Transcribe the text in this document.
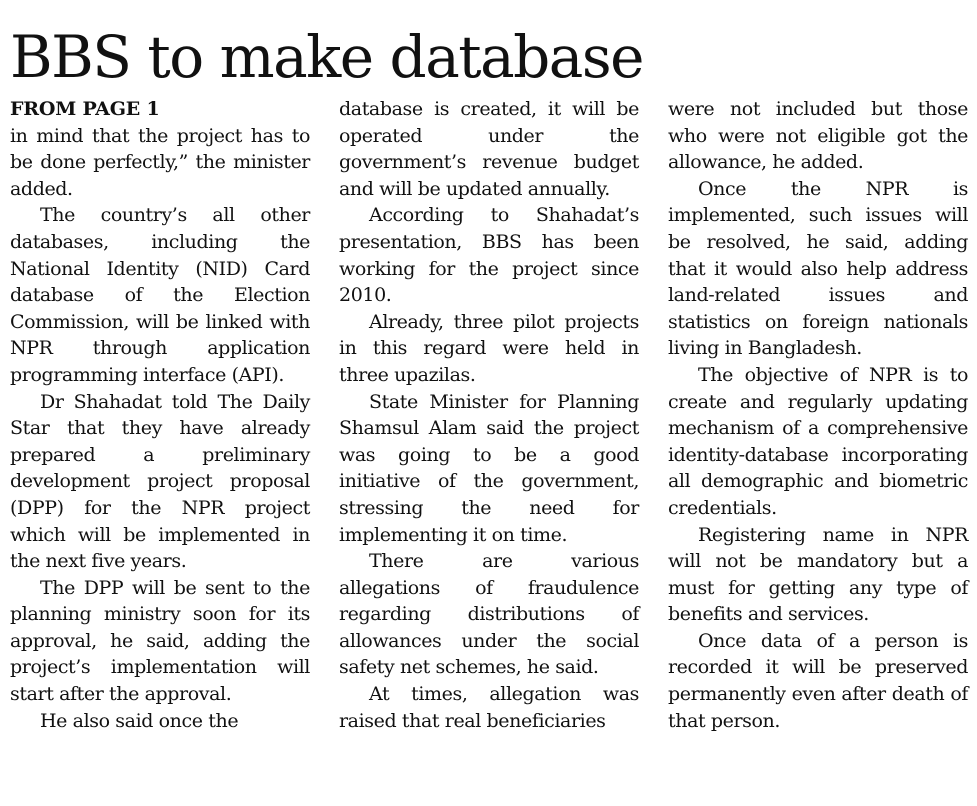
BBS to make database
FROM PAGE 1

in mind that the project has to be done perfectly,” the minister added.

The country’s all other databases, including the National Identity (NID) Card database of the Election Commission, will be linked with NPR through application programming interface (API).

Dr Shahadat told The Daily Star that they have already prepared a preliminary development project proposal (DPP) for the NPR project which will be implemented in the next five years.

The DPP will be sent to the planning ministry soon for its approval, he said, adding the project’s implementation will start after the approval.

He also said once the

database is created, it will be operated under the government’s revenue budget and will be updated annually.

According to Shahadat’s presentation, BBS has been working for the project since 2010.

Already, three pilot projects in this regard were held in three upazilas.

State Minister for Planning Shamsul Alam said the project was going to be a good initiative of the government, stressing the need for implementing it on time.

There are various allegations of fraudulence regarding distributions of allowances under the social safety net schemes, he said.

At times, allegation was raised that real beneficiaries

were not included but those who were not eligible got the allowance, he added.

Once the NPR is implemented, such issues will be resolved, he said, adding that it would also help address land-related issues and statistics on foreign nationals living in Bangladesh.

The objective of NPR is to create and regularly updating mechanism of a comprehensive identity-database incorporating all demographic and biometric credentials.

Registering name in NPR will not be mandatory but a must for getting any type of benefits and services.

Once data of a person is recorded it will be preserved permanently even after death of that person.
